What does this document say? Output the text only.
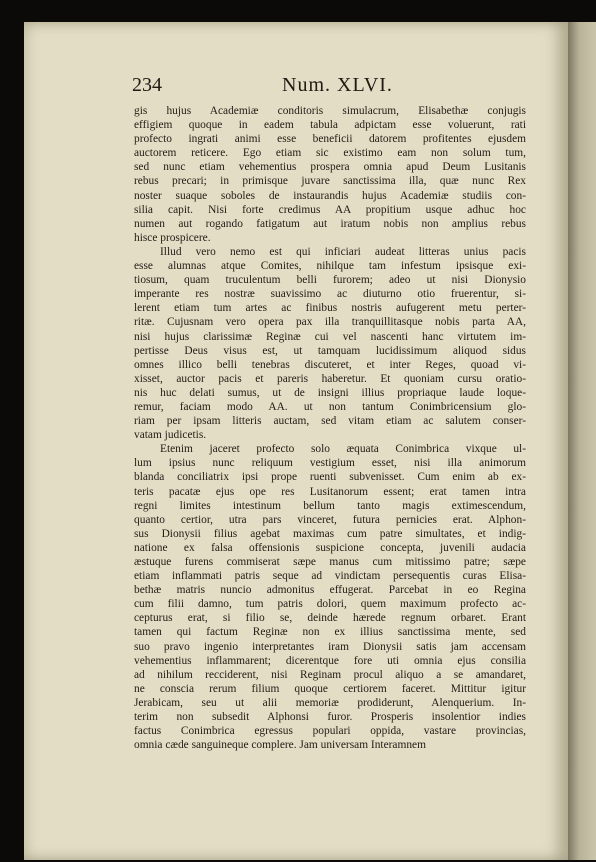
234	Num. XLVI.
gis hujus Academiæ conditoris simulacrum, Elisabethæ conjugis
effigiem quoque in eadem tabula adpictam esse voluerunt, rati
profecto ingrati animi esse beneficii datorem profitentes ejusdem
auctorem reticere. Ego etiam sic existimo eam non solum tum,
sed nunc etiam vehementius prospera omnia apud Deum Lusitanis
rebus precari; in primisque juvare sanctissima illa, quæ nunc Rex
noster suaque soboles de instaurandis hujus Academiæ studiis con-
silia capit. Nisi forte credimus AA propitium usque adhuc hoc
numen aut rogando fatigatum aut iratum nobis non amplius rebus
hisce prospicere.
Illud vero nemo est qui inficiari audeat litteras unius pacis
esse alumnas atque Comites, nihilque tam infestum ipsisque exi-
tiosum, quam truculentum belli furorem; adeo ut nisi Dionysio
imperante res nostræ suavissimo ac diuturno otio fruerentur, si-
lerent etiam tum artes ac finibus nostris aufugerent metu perter-
ritæ. Cujusnam vero opera pax illa tranquillitasque nobis parta AA,
nisi hujus clarissimæ Reginæ cui vel nascenti hanc virtutem im-
pertisse Deus visus est, ut tamquam lucidissimum aliquod sidus
omnes illico belli tenebras discuteret, et inter Reges, quoad vi-
xisset, auctor pacis et pareris haberetur. Et quoniam cursu oratio-
nis huc delati sumus, ut de insigni illius propriaque laude loque-
remur, faciam modo AA. ut non tantum Conimbricensium glo-
riam per ipsam litteris auctam, sed vitam etiam ac salutem conser-
vatam judicetis.
Etenim jaceret profecto solo æquata Conimbrica vixque ul-
lum ipsius nunc reliquum vestigium esset, nisi illa animorum
blanda conciliatrix ipsi prope ruenti subvenisset. Cum enim ab ex-
teris pacatæ ejus ope res Lusitanorum essent; erat tamen intra
regni limites intestinum bellum tanto magis extimescendum,
quanto certior, utra pars vinceret, futura pernicies erat. Alphon-
sus Dionysii filius agebat maximas cum patre simultates, et indig-
natione ex falsa offensionis suspicione concepta, juvenili audacia
æstuque furens commiserat sæpe manus cum mitissimo patre; sæpe
etiam inflammati patris seque ad vindictam persequentis curas Elisa-
bethæ matris nuncio admonitus effugerat. Parcebat in eo Regina
cum filii damno, tum patris dolori, quem maximum profecto ac-
cepturus erat, si filio se, deinde hærede regnum orbaret. Erant
tamen qui factum Reginæ non ex illius sanctissima mente, sed
suo pravo ingenio interpretantes iram Dionysii satis jam accensam
vehementius inflammarent; dicerentque fore uti omnia ejus consilia
ad nihilum recciderent, nisi Reginam procul aliquo a se amandaret,
ne conscia rerum filium quoque certiorem faceret. Mittitur igitur
Jerabicam, seu ut alii memoriæ prodiderunt, Alenquerium. In-
terim non subsedit Alphonsi furor. Prosperis insolentior indies
factus Conimbrica egressus populari oppida, vastare provincias,
omnia cæde sanguineque complere. Jam universam Interamnem
